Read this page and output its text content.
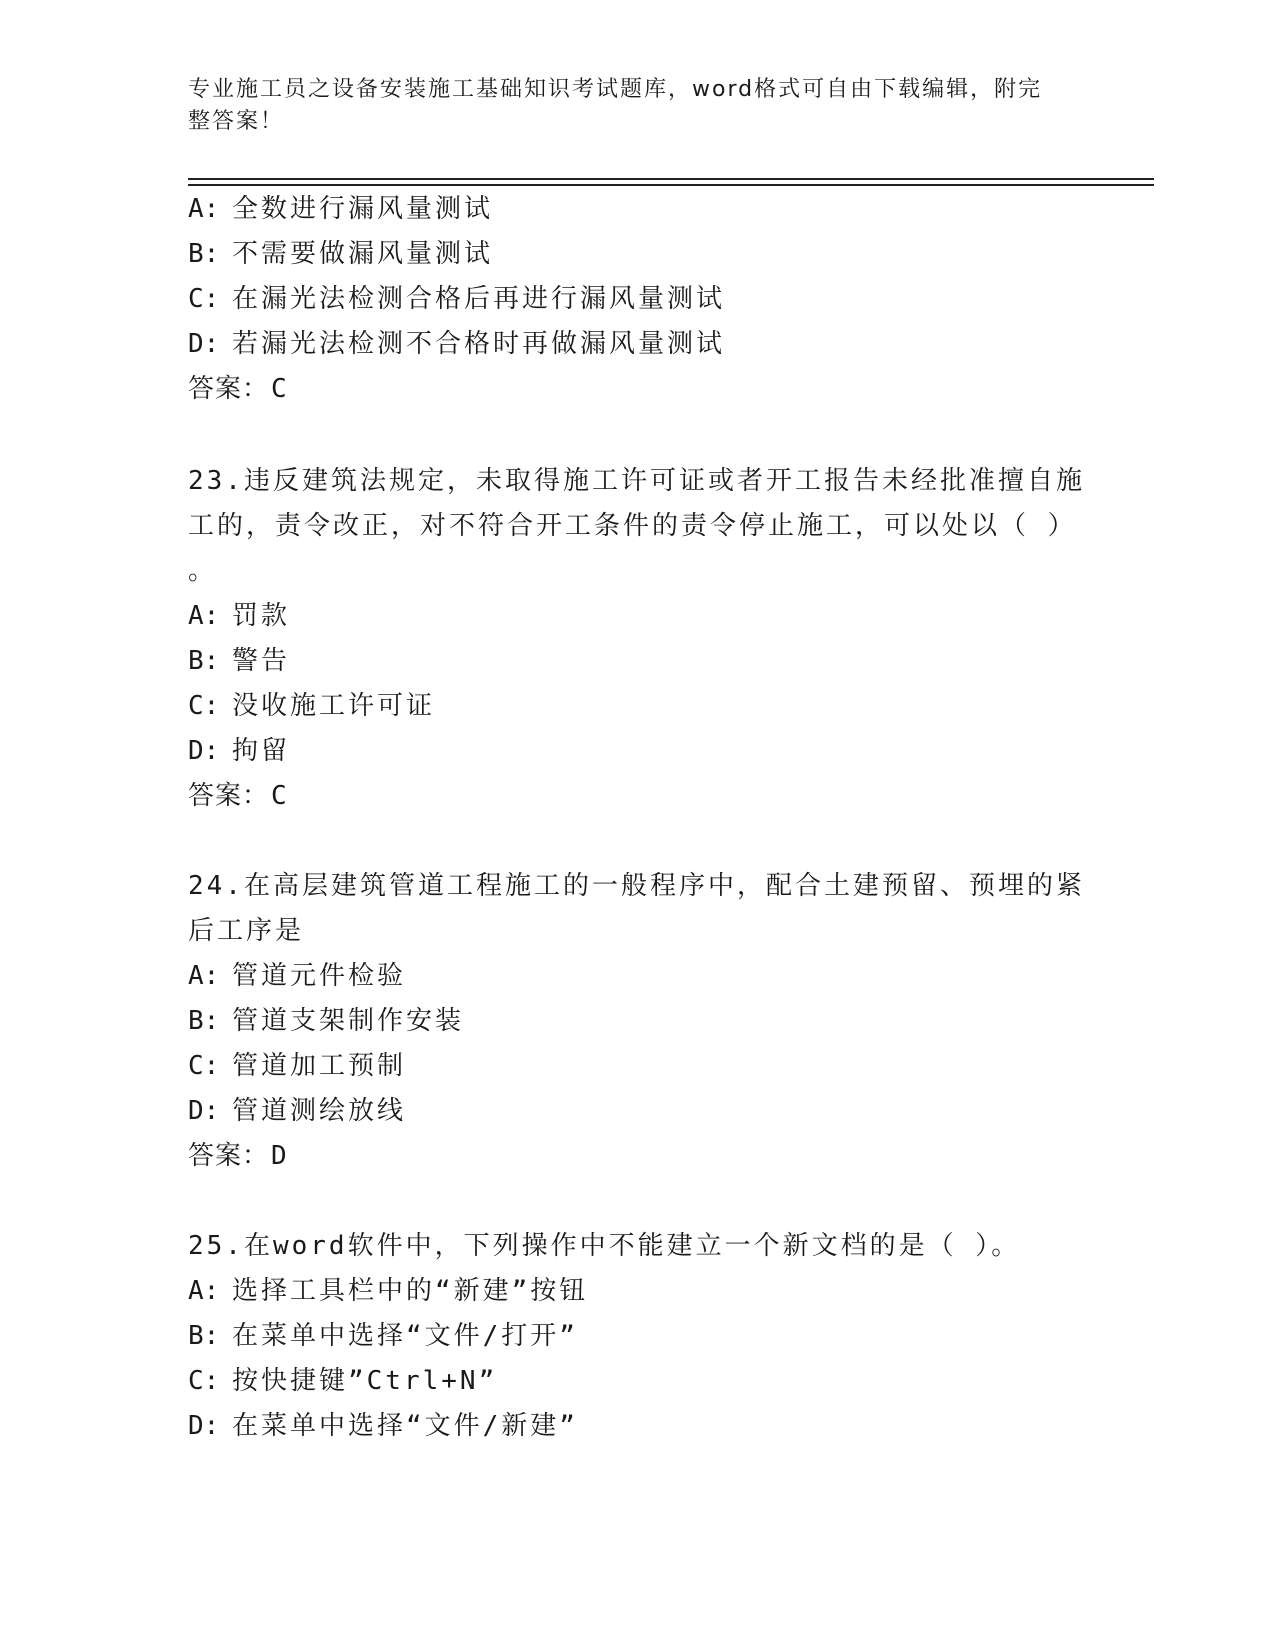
专业施工员之设备安装施工基础知识考试题库，word格式可自由下载编辑，附完
整答案！
A: 全数进行漏风量测试
B: 不需要做漏风量测试
C: 在漏光法检测合格后再进行漏风量测试
D: 若漏光法检测不合格时再做漏风量测试
答案：C
23.违反建筑法规定，未取得施工许可证或者开工报告未经批准擅自施
工的，责令改正，对不符合开工条件的责令停止施工，可以处以（ ）
。
A: 罚款
B: 警告
C: 没收施工许可证
D: 拘留
答案：C
24.在高层建筑管道工程施工的一般程序中，配合土建预留、预埋的紧
后工序是
A: 管道元件检验
B: 管道支架制作安装
C: 管道加工预制
D: 管道测绘放线
答案：D
25.在word软件中，下列操作中不能建立一个新文档的是（ ）。
A: 选择工具栏中的“新建”按钮
B: 在菜单中选择“文件/打开”
C: 按快捷键”Ctrl+N”
D: 在菜单中选择“文件/新建”
